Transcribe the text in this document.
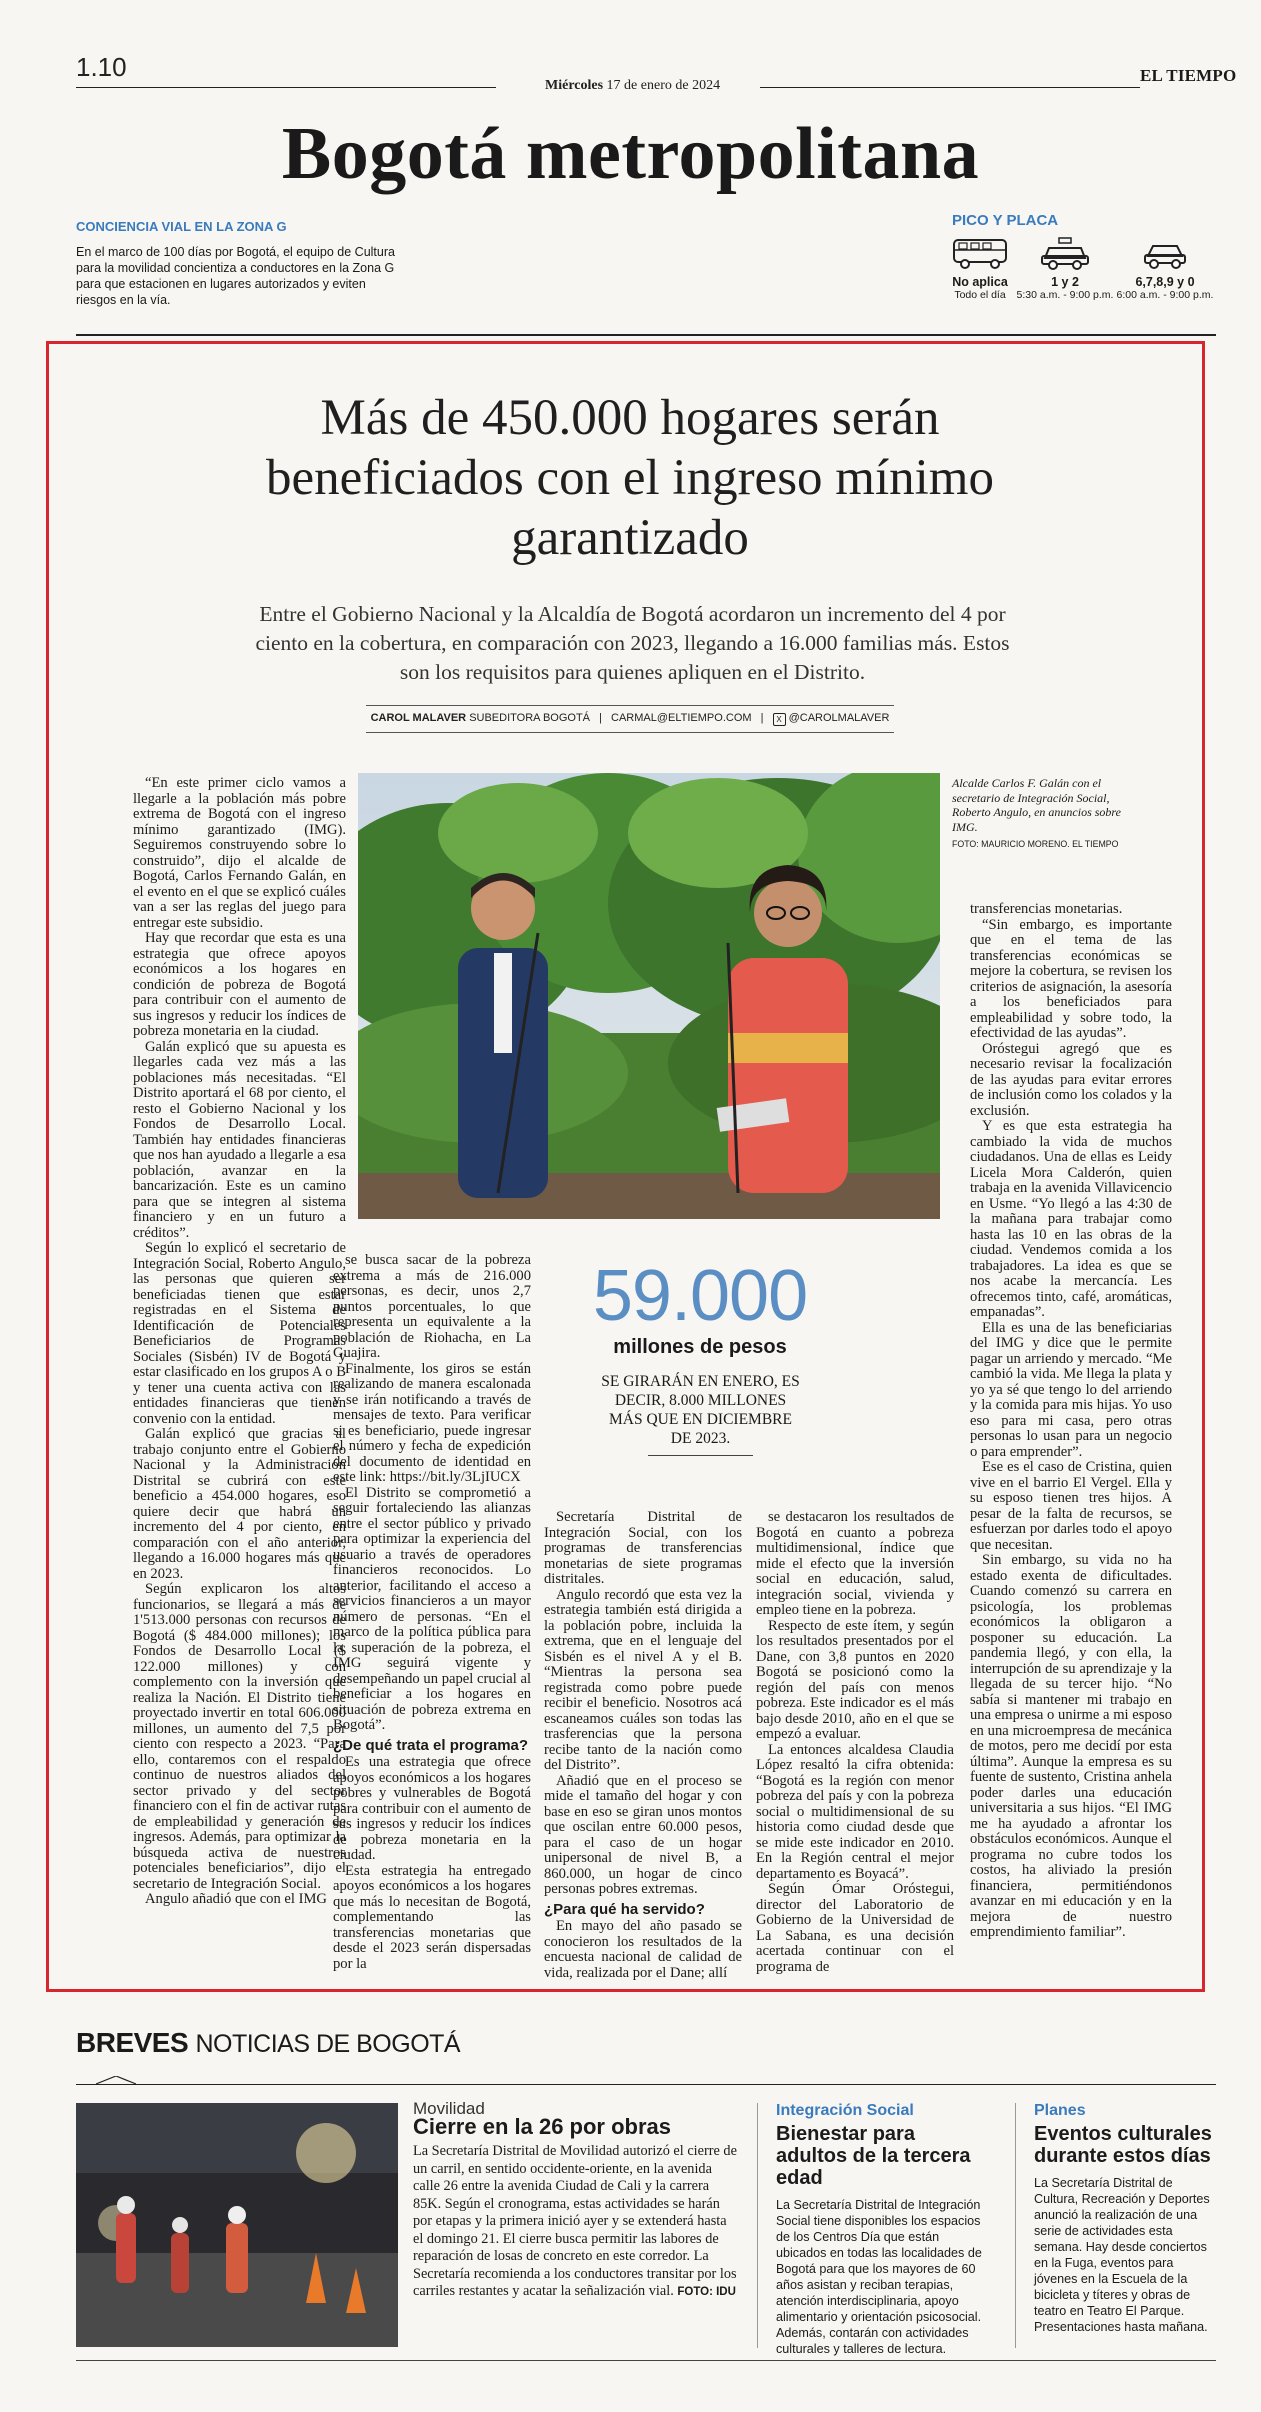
1.10
Miércoles 17 de enero de 2024
EL TIEMPO
Bogotá metropolitana
CONCIENCIA VIAL EN LA ZONA G
En el marco de 100 días por Bogotá, el equipo de Cultura para la movilidad concientiza a conductores en la Zona G para que estacionen en lugares autorizados y eviten riesgos en la vía.
PICO Y PLACA
No aplica
Todo el día
1 y 2
5:30 a.m. - 9:00 p.m.
6,7,8,9 y 0
6:00 a.m. - 9:00 p.m.
Más de 450.000 hogares serán beneficiados con el ingreso mínimo garantizado
Entre el Gobierno Nacional y la Alcaldía de Bogotá acordaron un incremento del 4 por ciento en la cobertura, en comparación con 2023, llegando a 16.000 familias más. Estos son los requisitos para quienes apliquen en el Distrito.
CAROL MALAVER SUBEDITORA BOGOTÁ | CARMAL@ELTIEMPO.COM | X @CAROLMALAVER
Alcalde Carlos F. Galán con el secretario de Integración Social, Roberto Angulo, en anuncios sobre IMG.
FOTO: MAURICIO MORENO. EL TIEMPO

“En este primer ciclo vamos a llegarle a la población más pobre extrema de Bogotá con el ingreso mínimo garantizado (IMG). Seguiremos construyendo sobre lo construido”, dijo el alcalde de Bogotá, Carlos Fernando Galán, en el evento en el que se explicó cuáles van a ser las reglas del juego para entregar este subsidio.

Hay que recordar que esta es una estrategia que ofrece apoyos económicos a los hogares en condición de pobreza de Bogotá para contribuir con el aumento de sus ingresos y reducir los índices de pobreza monetaria en la ciudad.

Galán explicó que su apuesta es llegarles cada vez más a las poblaciones más necesitadas. “El Distrito aportará el 68 por ciento, el resto el Gobierno Nacional y los Fondos de Desarrollo Local. También hay entidades financieras que nos han ayudado a llegarle a esa población, avanzar en la bancarización. Este es un camino para que se integren al sistema financiero y en un futuro a créditos”.

Según lo explicó el secretario de Integración Social, Roberto Angulo, las personas que quieren ser beneficiadas tienen que estar registradas en el Sistema de Identificación de Potenciales Beneficiarios de Programas Sociales (Sisbén) IV de Bogotá y estar clasificado en los grupos A o B y tener una cuenta activa con las entidades financieras que tienen convenio con la entidad.

Galán explicó que gracias al trabajo conjunto entre el Gobierno Nacional y la Administración Distrital se cubrirá con este beneficio a 454.000 hogares, eso quiere decir que habrá un incremento del 4 por ciento, en comparación con el año anterior, llegando a 16.000 hogares más que en 2023.

Según explicaron los altos funcionarios, se llegará a más de 1'513.000 personas con recursos de Bogotá ($ 484.000 millones); los Fondos de Desarrollo Local ($ 122.000 millones) y con complemento con la inversión que realiza la Nación. El Distrito tiene proyectado invertir en total 606.000 millones, un aumento del 7,5 por ciento con respecto a 2023. “Para ello, contaremos con el respaldo continuo de nuestros aliados del sector privado y del sector financiero con el fin de activar rutas de empleabilidad y generación de ingresos. Además, para optimizar la búsqueda activa de nuestros potenciales beneficiarios”, dijo el secretario de Integración Social.

Angulo añadió que con el IMG

se busca sacar de la pobreza extrema a más de 216.000 personas, es decir, unos 2,7 puntos porcentuales, lo que representa un equivalente a la población de Riohacha, en La Guajira.

Finalmente, los giros se están realizando de manera escalonada y se irán notificando a través de mensajes de texto. Para verificar si es beneficiario, puede ingresar el número y fecha de expedición del documento de identidad en este link: https://bit.ly/3LjIUCX

El Distrito se comprometió a seguir fortaleciendo las alianzas entre el sector público y privado para optimizar la experiencia del usuario a través de operadores financieros reconocidos. Lo anterior, facilitando el acceso a servicios financieros a un mayor número de personas. “En el marco de la política pública para la superación de la pobreza, el IMG seguirá vigente y desempeñando un papel crucial al beneficiar a los hogares en situación de pobreza extrema en Bogotá”.

¿De qué trata el programa?

Es una estrategia que ofrece apoyos económicos a los hogares pobres y vulnerables de Bogotá para contribuir con el aumento de sus ingresos y reducir los índices de pobreza monetaria en la ciudad.

Esta estrategia ha entregado apoyos económicos a los hogares que más lo necesitan de Bogotá, complementando las transferencias monetarias que desde el 2023 serán dispersadas por la

59.000
millones de pesos
SE GIRARÁN EN ENERO, ES DECIR, 8.000 MILLONES MÁS QUE EN DICIEMBRE DE 2023.

Secretaría Distrital de Integración Social, con los programas de transferencias monetarias de siete programas distritales.

Angulo recordó que esta vez la estrategia también está dirigida a la población pobre, incluida la extrema, que en el lenguaje del Sisbén es el nivel A y el B. “Mientras la persona sea registrada como pobre puede recibir el beneficio. Nosotros acá escaneamos cuáles son todas las trasferencias que la persona recibe tanto de la nación como del Distrito”.

Añadió que en el proceso se mide el tamaño del hogar y con base en eso se giran unos montos que oscilan entre 60.000 pesos, para el caso de un hogar unipersonal de nivel B, a 860.000, un hogar de cinco personas pobres extremas.

¿Para qué ha servido?

En mayo del año pasado se conocieron los resultados de la encuesta nacional de calidad de vida, realizada por el Dane; allí

se destacaron los resultados de Bogotá en cuanto a pobreza multidimensional, índice que mide el efecto que la inversión social en educación, salud, integración social, vivienda y empleo tiene en la pobreza.

Respecto de este ítem, y según los resultados presentados por el Dane, con 3,8 puntos en 2020 Bogotá se posicionó como la región del país con menos pobreza. Este indicador es el más bajo desde 2010, año en el que se empezó a evaluar.

La entonces alcaldesa Claudia López resaltó la cifra obtenida: “Bogotá es la región con menor pobreza del país y con la pobreza social o multidimensional de su historia como ciudad desde que se mide este indicador en 2010. En la Región central el mejor departamento es Boyacá”.

Según Ómar Oróstegui, director del Laboratorio de Gobierno de la Universidad de La Sabana, es una decisión acertada continuar con el programa de

transferencias monetarias.

“Sin embargo, es importante que en el tema de las transferencias económicas se mejore la cobertura, se revisen los criterios de asignación, la asesoría a los beneficiados para empleabilidad y sobre todo, la efectividad de las ayudas”.

Oróstegui agregó que es necesario revisar la focalización de las ayudas para evitar errores de inclusión como los colados y la exclusión.

Y es que esta estrategia ha cambiado la vida de muchos ciudadanos. Una de ellas es Leidy Licela Mora Calderón, quien trabaja en la avenida Villavicencio en Usme. “Yo llegó a las 4:30 de la mañana para trabajar como hasta las 10 en las obras de la ciudad. Vendemos comida a los trabajadores. La idea es que se nos acabe la mercancía. Les ofrecemos tinto, café, aromáticas, empanadas”.

Ella es una de las beneficiarias del IMG y dice que le permite pagar un arriendo y mercado. “Me cambió la vida. Me llega la plata y yo ya sé que tengo lo del arriendo y la comida para mis hijas. Yo uso eso para mi casa, pero otras personas lo usan para un negocio o para emprender”.

Ese es el caso de Cristina, quien vive en el barrio El Vergel. Ella y su esposo tienen tres hijos. A pesar de la falta de recursos, se esfuerzan por darles todo el apoyo que necesitan.

Sin embargo, su vida no ha estado exenta de dificultades. Cuando comenzó su carrera en psicología, los problemas económicos la obligaron a posponer su educación. La pandemia llegó, y con ella, la interrupción de su aprendizaje y la llegada de su tercer hijo. “No sabía si mantener mi trabajo en una empresa o unirme a mi esposo en una microempresa de mecánica de motos, pero me decidí por esta última”. Aunque la empresa es su fuente de sustento, Cristina anhela poder darles una educación universitaria a sus hijos. “El IMG me ha ayudado a afrontar los obstáculos económicos. Aunque el programa no cubre todos los costos, ha aliviado la presión financiera, permitiéndonos avanzar en mi educación y en la mejora de nuestro emprendimiento familiar”.

BREVES NOTICIAS DE BOGOTÁ
Movilidad
Cierre en la 26 por obras

La Secretaría Distrital de Movilidad autorizó el cierre de un carril, en sentido occidente-oriente, en la avenida calle 26 entre la avenida Ciudad de Cali y la carrera 85K. Según el cronograma, estas actividades se harán por etapas y la primera inició ayer y se extenderá hasta el domingo 21. El cierre busca permitir las labores de reparación de losas de concreto en este corredor. La Secretaría recomienda a los conductores transitar por los carriles restantes y acatar la señalización vial. FOTO: IDU

Integración Social
Bienestar para adultos de la tercera edad

La Secretaría Distrital de Integración Social tiene disponibles los espacios de los Centros Día que están ubicados en todas las localidades de Bogotá para que los mayores de 60 años asistan y reciban terapias, atención interdisciplinaria, apoyo alimentario y orientación psicosocial. Además, contarán con actividades culturales y talleres de lectura.

Planes
Eventos culturales durante estos días

La Secretaría Distrital de Cultura, Recreación y Deportes anunció la realización de una serie de actividades esta semana. Hay desde conciertos en la Fuga, eventos para jóvenes en la Escuela de la bicicleta y títeres y obras de teatro en Teatro El Parque. Presentaciones hasta mañana.
